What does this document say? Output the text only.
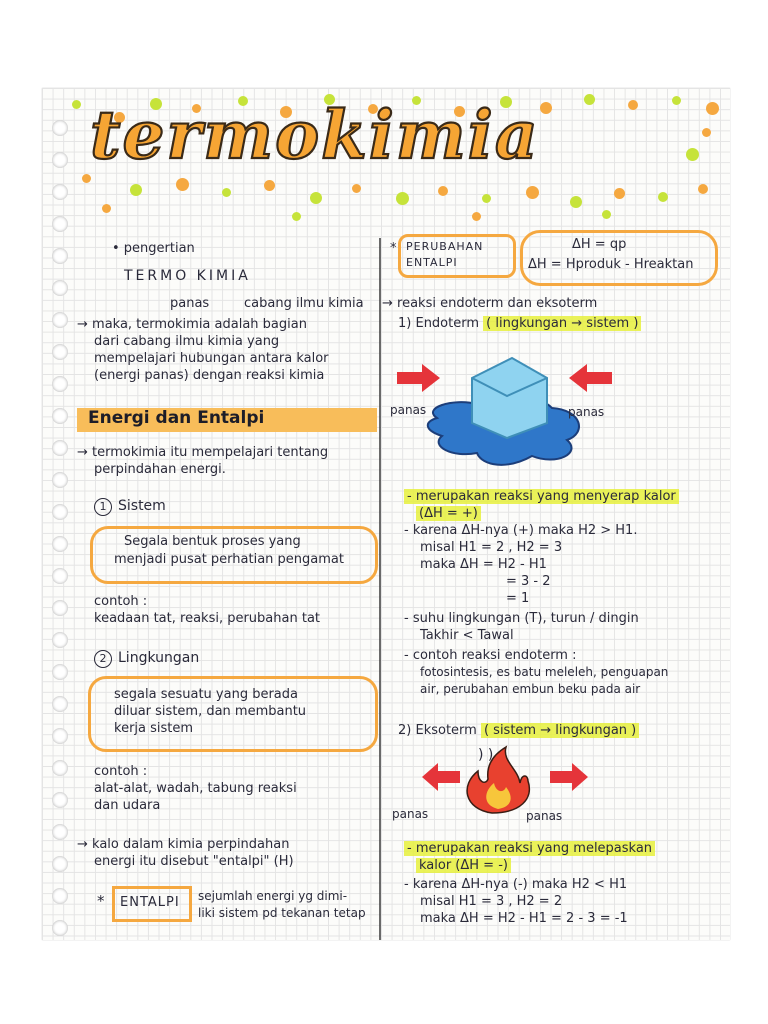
termokimia
• pengertian
TERMO KIMIA
panas	cabang ilmu kimia
→ maka, termokimia adalah bagian
dari cabang ilmu kimia yang
mempelajari hubungan antara kalor
(energi panas) dengan reaksi kimia
Energi dan Entalpi
→ termokimia itu mempelajari tentang
perpindahan energi.
1 Sistem
Segala bentuk proses yang
menjadi pusat perhatian pengamat
contoh :
keadaan tat, reaksi, perubahan tat
2 Lingkungan
segala sesuatu yang berada
diluar sistem, dan membantu
kerja sistem
contoh :
alat-alat, wadah, tabung reaksi
dan udara
→ kalo dalam kimia perpindahan
energi itu disebut "entalpi" (H)
* ENTALPI sejumlah energi yg dimi-
liki sistem pd tekanan tetap
* PERUBAHAN
ENTALPI
ΔH = qp
ΔH = Hproduk - Hreaktan
→ reaksi endoterm dan eksoterm
1) Endoterm ( lingkungan → sistem )
panas	panas
- merupakan reaksi yang menyerap kalor
(ΔH = +)
- karena ΔH-nya (+) maka H2 > H1.
misal H1 = 2 , H2 = 3
maka ΔH = H2 - H1
= 3 - 2
= 1
- suhu lingkungan (T), turun / dingin
Takhir < Tawal
- contoh reaksi endoterm :
fotosintesis, es batu meleleh, penguapan
air, perubahan embun beku pada air
2) Eksoterm ( sistem → lingkungan )
) )
panas	panas
- merupakan reaksi yang melepaskan
kalor (ΔH = -)
- karena ΔH-nya (-) maka H2 < H1
misal H1 = 3 , H2 = 2
maka ΔH = H2 - H1 = 2 - 3 = -1
